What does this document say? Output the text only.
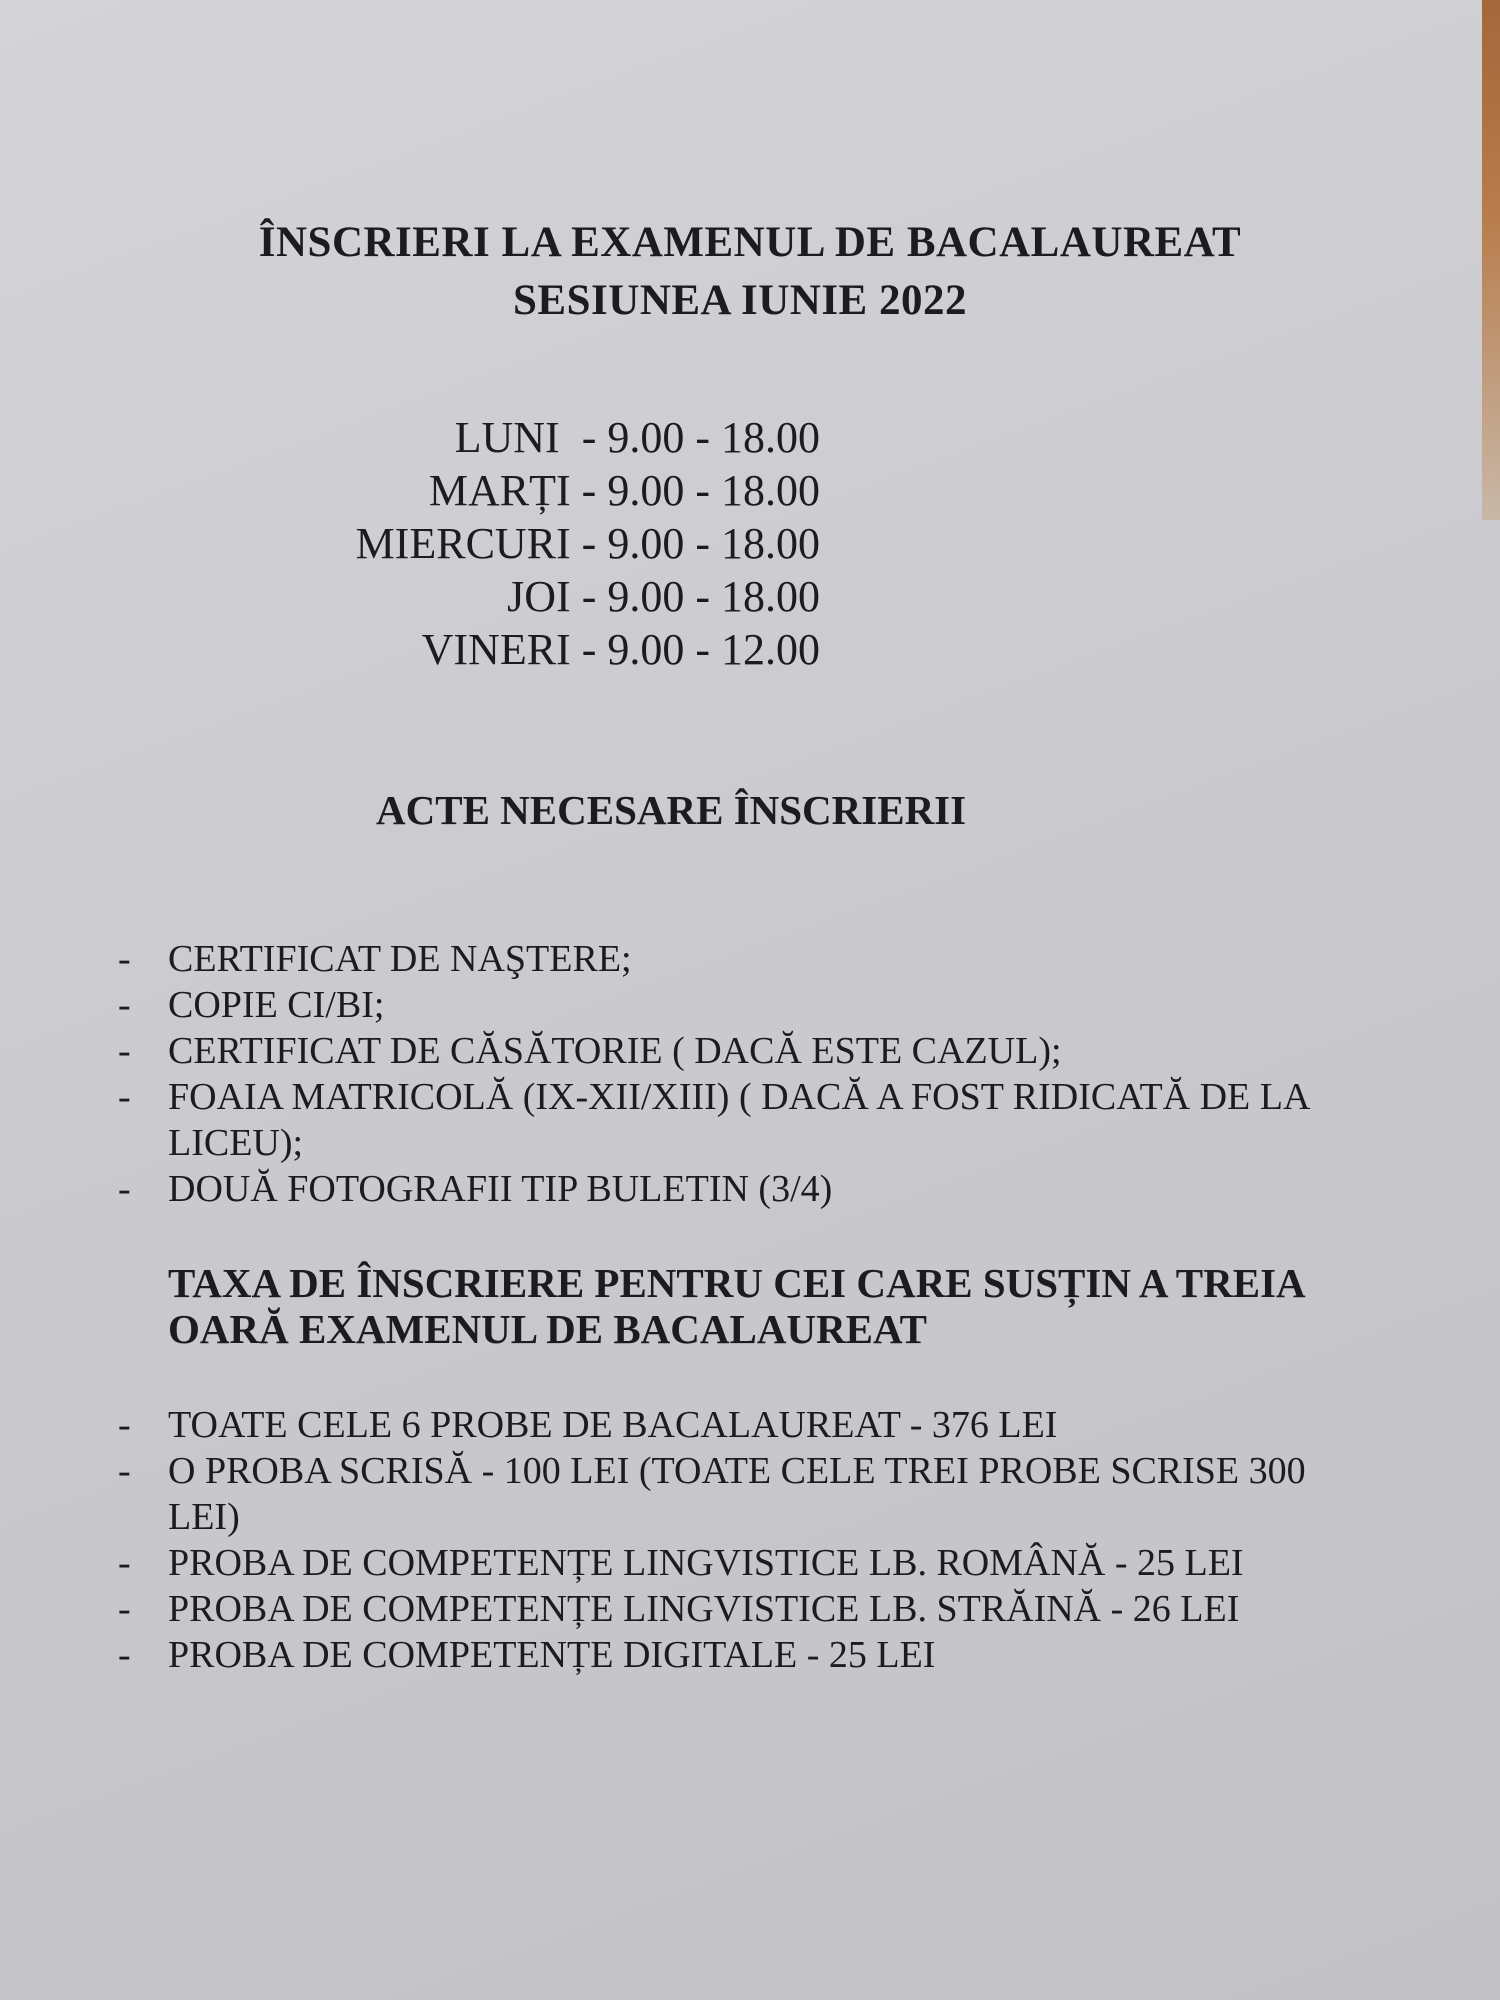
ÎNSCRIERI LA EXAMENUL DE BACALAUREAT
SESIUNEA IUNIE 2022
LUNI  - 9.00 - 18.00
MARȚI - 9.00 - 18.00
MIERCURI - 9.00 - 18.00
JOI - 9.00 - 18.00
VINERI - 9.00 - 12.00
ACTE NECESARE ÎNSCRIERII
- CERTIFICAT DE NAŞTERE;
- COPIE CI/BI;
- CERTIFICAT DE CĂSĂTORIE ( DACĂ ESTE CAZUL);
- FOAIA MATRICOLĂ (IX-XII/XIII) ( DACĂ A FOST RIDICATĂ DE LA LICEU);
- DOUĂ FOTOGRAFII TIP BULETIN (3/4)
TAXA DE ÎNSCRIERE PENTRU CEI CARE SUSȚIN A TREIA OARĂ EXAMENUL DE BACALAUREAT
- TOATE CELE 6 PROBE DE BACALAUREAT - 376 LEI
- O PROBA SCRISĂ - 100 LEI (TOATE CELE TREI PROBE SCRISE 300 LEI)
- PROBA DE COMPETENȚE LINGVISTICE LB. ROMÂNĂ - 25 LEI
- PROBA DE COMPETENȚE LINGVISTICE LB. STRĂINĂ - 26 LEI
- PROBA DE COMPETENȚE DIGITALE - 25 LEI
